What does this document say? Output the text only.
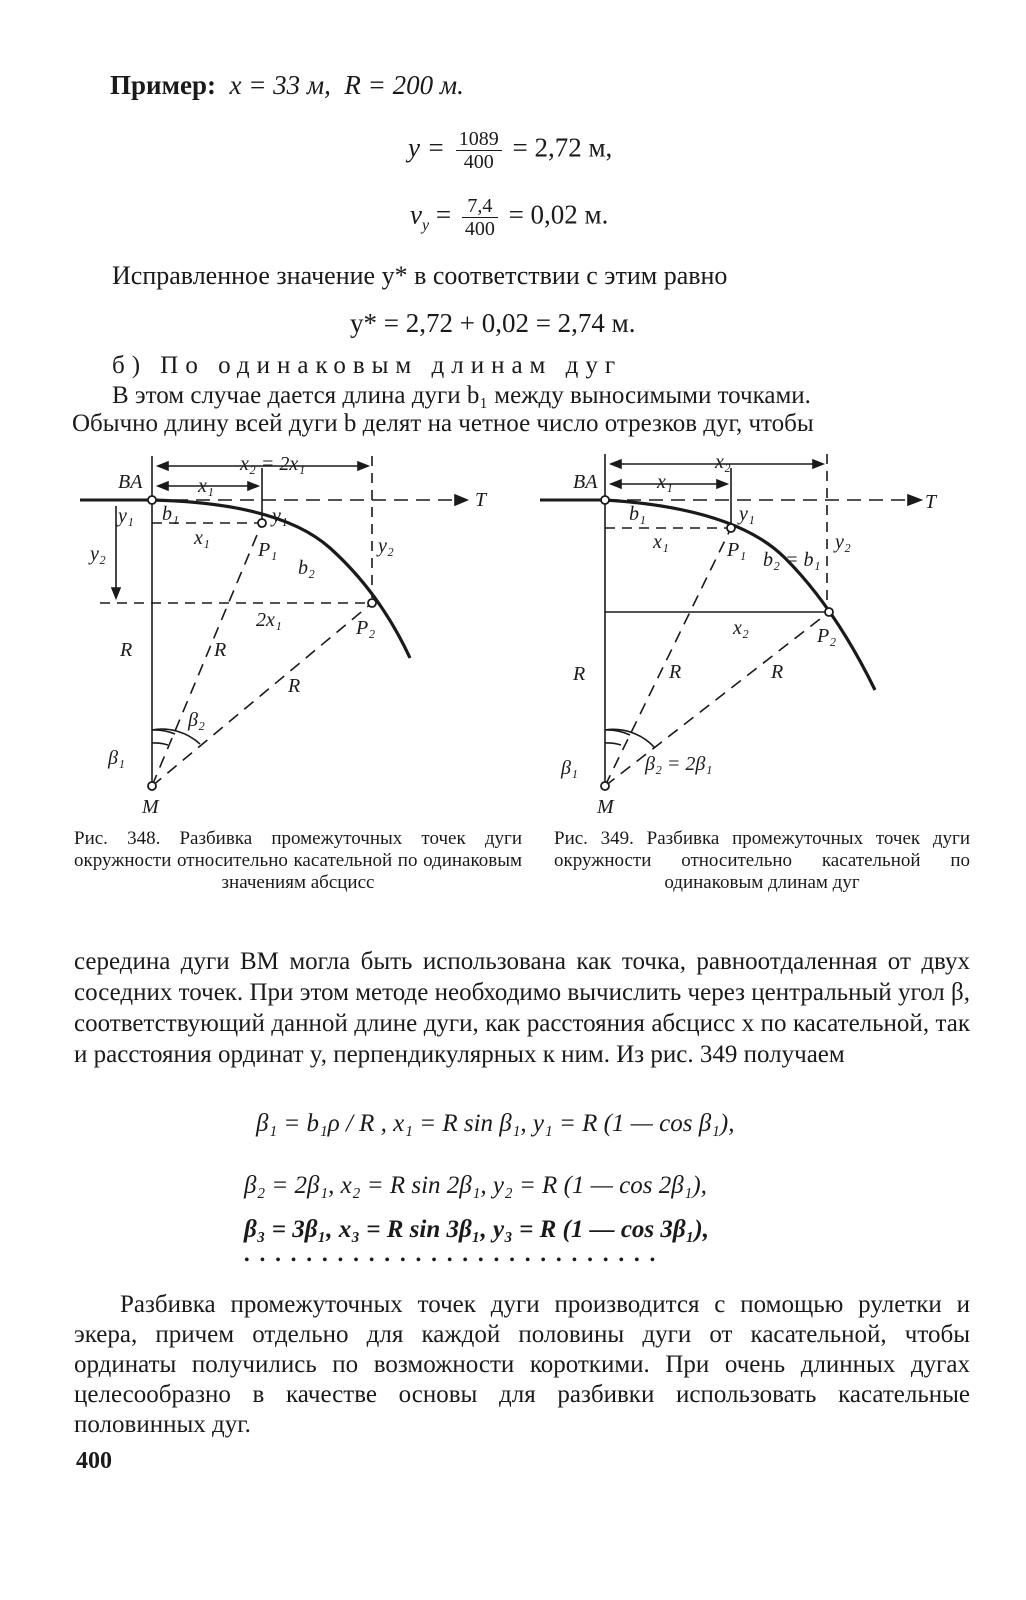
Пример: x = 33 м, R = 200 м.
$y = \frac{1089}{400} = 2,72$ м,
$v_y = \frac{7,4}{400} = 0,02$ м.
Исправленное значение y* в соответствии с этим равно
y* = 2,72 + 0,02 = 2,74 м.
б) По одинаковым длинам дуг
В этом случае дается длина дуги b₁ между выносимыми точками.
Обычно длину всей дуги b делят на четное число отрезков дуг, чтобы
BA
T
x₂ = 2x₁
x₁
y₁ b₁	y₁
x₁
P₁
b₂
y₂	y₂
2x₁	P₂
R	R
R
β₂
β₁
M
BA
T
x₂
x₁
b₁	y₁
x₁	P₁ b₂ = b₁
y₂
x₂	P₂
R	R	R
β₁	β₂ = 2β₁
M
Рис. 348. Разбивка промежуточных точек дуги окружности относительно касательной по одинаковым значениям абсцисс
Рис. 349. Разбивка промежуточных точек дуги окружности относительно касательной по одинаковым длинам дуг
середина дуги BM могла быть использована как точка, равноотдаленная от двух соседних точек. При этом методе необходимо вычислить через центральный угол β, соответствующий данной длине дуги, как расстояния абсцисс x по касательной, так и расстояния ординат y, перпендикулярных к ним. Из рис. 349 получаем
β₁ = b₁ρ / R , x₁ = R sin β₁, y₁ = R (1 — cos β₁),
β₂ = 2β₁, x₂ = R sin 2β₁, y₂ = R (1 — cos 2β₁),
β₃ = 3β₁, x₃ = R sin 3β₁, y₃ = R (1 — cos 3β₁),
• • • • • • • • • • • • • • • • • • • • • • • • • • •
Разбивка промежуточных точек дуги производится с помощью рулетки и экера, причем отдельно для каждой половины дуги от касательной, чтобы ординаты получились по возможности короткими. При очень длинных дугах целесообразно в качестве основы для разбивки использовать касательные половинных дуг.
400
